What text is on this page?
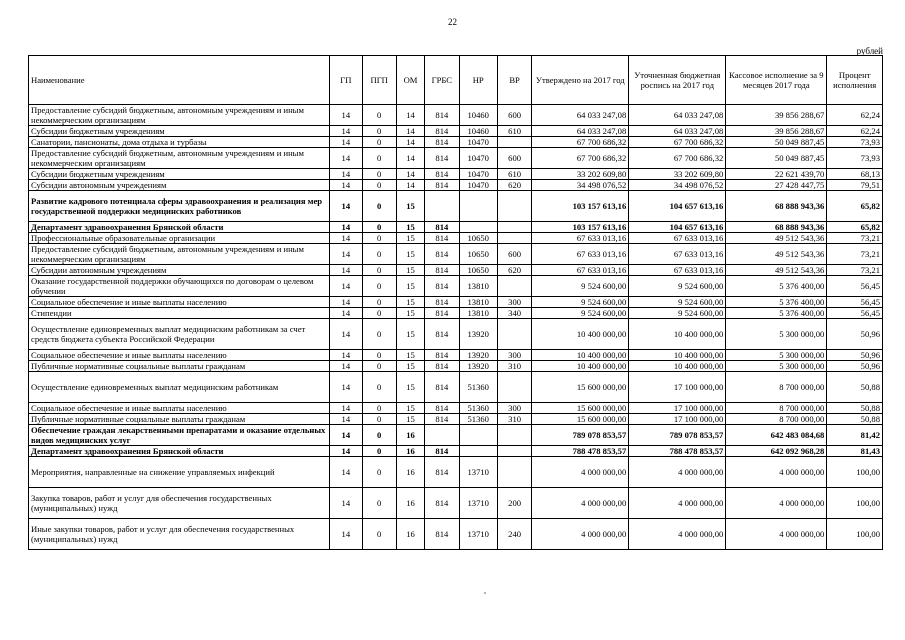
22
рублей
Наименование	ГП	ПГП	ОМ	ГРБС	НР	ВР	Утверждено на 2017 год	Уточненная бюджетная роспись на 2017 год	Кассовое исполнение за 9 месяцев 2017 года	Процент исполнения
Предоставление субсидий бюджетным, автономным учреждениям и иным некоммерческим организациям	14	0	14	814	10460	600	64 033 247,08	64 033 247,08	39 856 288,67	62,24
Субсидии бюджетным учреждениям	14	0	14	814	10460	610	64 033 247,08	64 033 247,08	39 856 288,67	62,24
Санатории, пансионаты, дома отдыха и турбазы	14	0	14	814	10470		67 700 686,32	67 700 686,32	50 049 887,45	73,93
Предоставление субсидий бюджетным, автономным учреждениям и иным некоммерческим организациям	14	0	14	814	10470	600	67 700 686,32	67 700 686,32	50 049 887,45	73,93
Субсидии бюджетным учреждениям	14	0	14	814	10470	610	33 202 609,80	33 202 609,80	22 621 439,70	68,13
Субсидии автономным учреждениям	14	0	14	814	10470	620	34 498 076,52	34 498 076,52	27 428 447,75	79,51
Развитие кадрового потенциала сферы здравоохранения и реализация мер государственной поддержки медицинских работников	14	0	15				103 157 613,16	104 657 613,16	68 888 943,36	65,82
Департамент здравоохранения Брянской области	14	0	15	814			103 157 613,16	104 657 613,16	68 888 943,36	65,82
Профессиональные образовательные организации	14	0	15	814	10650		67 633 013,16	67 633 013,16	49 512 543,36	73,21
Предоставление субсидий бюджетным, автономным учреждениям и иным некоммерческим организациям	14	0	15	814	10650	600	67 633 013,16	67 633 013,16	49 512 543,36	73,21
Субсидии автономным учреждениям	14	0	15	814	10650	620	67 633 013,16	67 633 013,16	49 512 543,36	73,21
Оказание государственной поддержки обучающихся по договорам о целевом обучении	14	0	15	814	13810		9 524 600,00	9 524 600,00	5 376 400,00	56,45
Социальное обеспечение и иные выплаты населению	14	0	15	814	13810	300	9 524 600,00	9 524 600,00	5 376 400,00	56,45
Стипендии	14	0	15	814	13810	340	9 524 600,00	9 524 600,00	5 376 400,00	56,45
Осуществление единовременных выплат медицинским работникам за счет средств бюджета субъекта Российской Федерации	14	0	15	814	13920		10 400 000,00	10 400 000,00	5 300 000,00	50,96
Социальное обеспечение и иные выплаты населению	14	0	15	814	13920	300	10 400 000,00	10 400 000,00	5 300 000,00	50,96
Публичные нормативные социальные выплаты гражданам	14	0	15	814	13920	310	10 400 000,00	10 400 000,00	5 300 000,00	50,96
Осуществление единовременных выплат медицинским работникам	14	0	15	814	51360		15 600 000,00	17 100 000,00	8 700 000,00	50,88
Социальное обеспечение и иные выплаты населению	14	0	15	814	51360	300	15 600 000,00	17 100 000,00	8 700 000,00	50,88
Публичные нормативные социальные выплаты гражданам	14	0	15	814	51360	310	15 600 000,00	17 100 000,00	8 700 000,00	50,88
Обеспечение граждан лекарственными препаратами и оказание отдельных видов медицинских услуг	14	0	16				789 078 853,57	789 078 853,57	642 483 084,68	81,42
Департамент здравоохранения Брянской области	14	0	16	814			788 478 853,57	788 478 853,57	642 092 968,28	81,43
Мероприятия, направленные на снижение управляемых инфекций	14	0	16	814	13710		4 000 000,00	4 000 000,00	4 000 000,00	100,00
Закупка товаров, работ и услуг для обеспечения государственных (муниципальных) нужд	14	0	16	814	13710	200	4 000 000,00	4 000 000,00	4 000 000,00	100,00
Иные закупки товаров, работ и услуг для обеспечения государственных (муниципальных) нужд	14	0	16	814	13710	240	4 000 000,00	4 000 000,00	4 000 000,00	100,00
